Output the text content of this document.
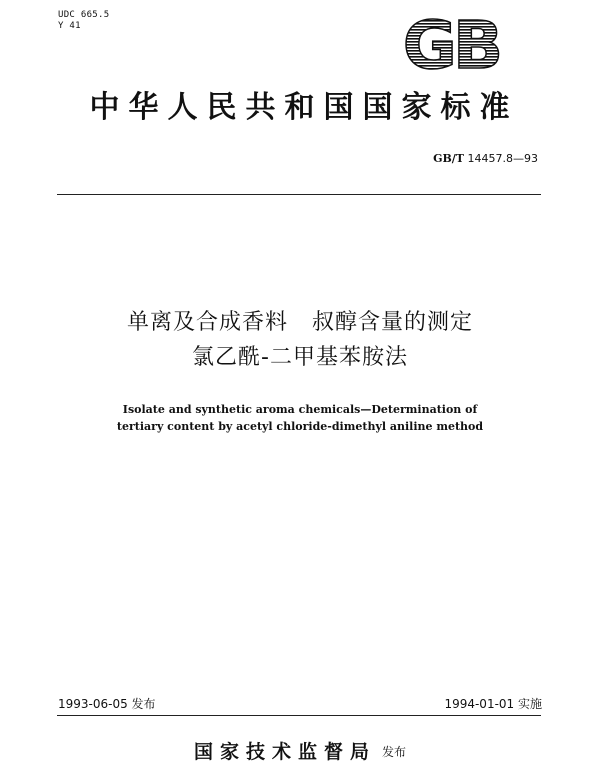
UDC 665.5
Y 41	GB
中华人民共和国国家标准
GB/T 14457.8—93
单离及合成香料   叔醇含量的测定
氯乙酰-二甲基苯胺法
Isolate and synthetic aroma chemicals—Determination of
tertiary content by acetyl chloride-dimethyl aniline method
1993-06-05 发布	1994-01-01 实施
国家技术监督局 发布
